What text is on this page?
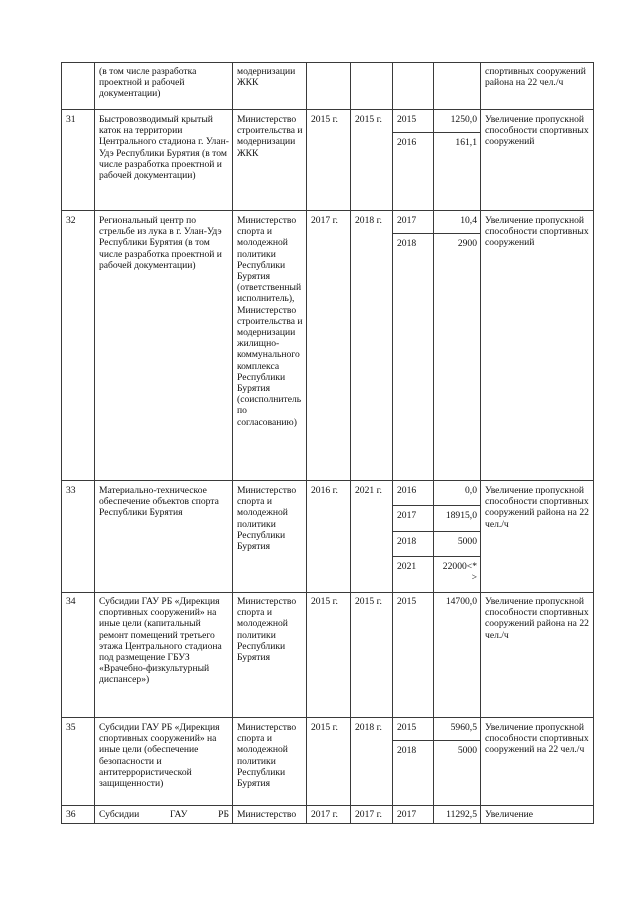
	(в том числе разработка проектной и рабочей документации)	модернизации ЖКК					спортивных сооружений района на 22 чел./ч
31	Быстровозводимый крытый каток на территории Центрального стадиона г. Улан-Удэ Республики Бурятия (в том числе разработка проектной и рабочей документации)	Министерство строительства и модернизации ЖКК	2015 г.	2015 г.	2015	1250,0	Увеличение пропускной способности спортивных сооружений
					2016	161,1	
32	Региональный центр по стрельбе из лука в г. Улан-Удэ Республики Бурятия (в том числе разработка проектной и рабочей документации)	Министерство спорта и молодежной политики Республики Бурятия (ответственный исполнитель), Министерство строительства и модернизации жилищно-коммунального комплекса Республики Бурятия (соисполнитель по согласованию)	2017 г.	2018 г.	2017	10,4	Увеличение пропускной способности спортивных сооружений
					2018	2900	
33	Материально-техническое обеспечение объектов спорта Республики Бурятия	Министерство спорта и молодежной политики Республики Бурятия	2016 г.	2021 г.	2016	0,0	Увеличение пропускной способности спортивных сооружений района на 22 чел./ч
					2017	18915,0	
					2018	5000	
					2021	22000<*>	
34	Субсидии ГАУ РБ «Дирекция спортивных сооружений» на иные цели (капитальный ремонт помещений третьего этажа Центрального стадиона под размещение ГБУЗ «Врачебно-физкультурный диспансер»)	Министерство спорта и молодежной политики Республики Бурятия	2015 г.	2015 г.	2015	14700,0	Увеличение пропускной способности спортивных сооружений района на 22 чел./ч
35	Субсидии ГАУ РБ «Дирекция спортивных сооружений» на иные цели (обеспечение безопасности и антитеррористической защищенности)	Министерство спорта и молодежной политики Республики Бурятия	2015 г.	2018 г.	2015	5960,5	Увеличение пропускной способности спортивных сооружений на 22 чел./ч
					2018	5000	
36	Субсидии ГАУ РБ	Министерство	2017 г.	2017 г.	2017	11292,5	Увеличение
